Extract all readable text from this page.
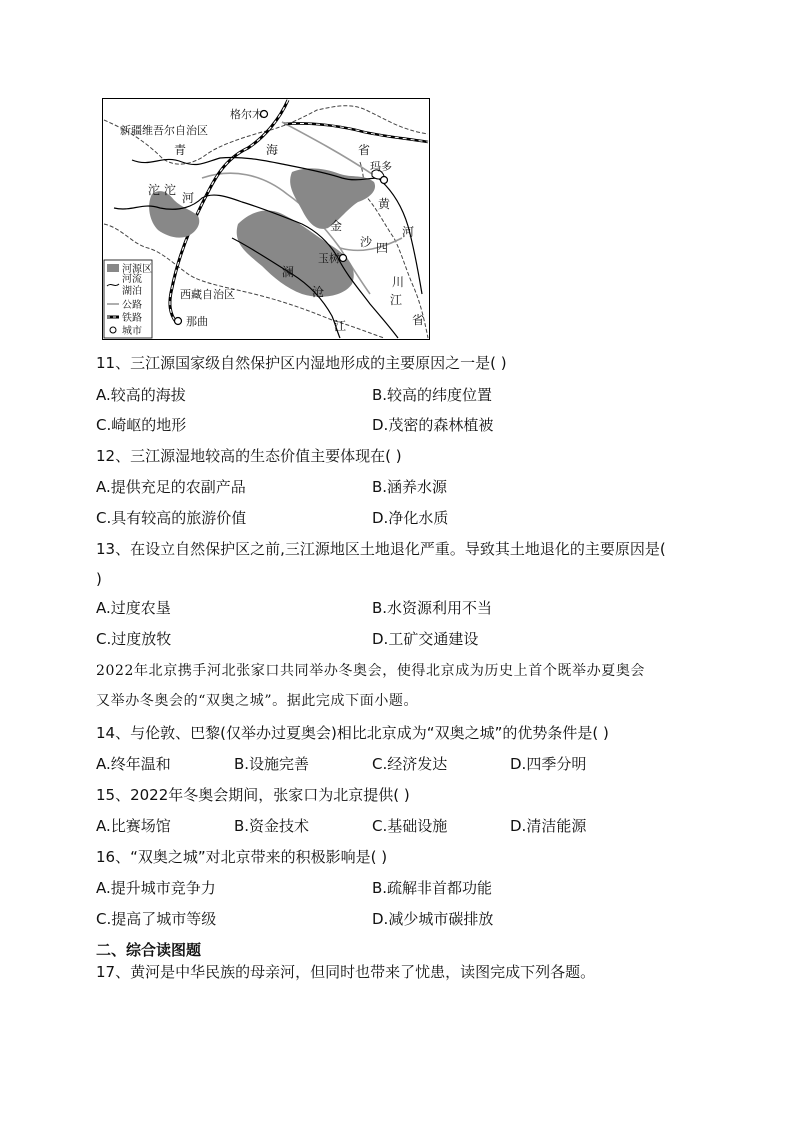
格尔木
新疆维吾尔自治区
青	海	省
玛多
黄
河
沱 沱
河
金
四
沙
川
江
省
玉树
澜
沧
江
西藏自治区
那曲
河源区
河流
湖泊
公路
铁路
城市
11、三江源国家级自然保护区内湿地形成的主要原因之一是( )
A.较高的海拔	B.较高的纬度位置
C.崎岖的地形	D.茂密的森林植被
12、三江源湿地较高的生态价值主要体现在( )
A.提供充足的农副产品	B.涵养水源
C.具有较高的旅游价值	D.净化水质
13、在设立自然保护区之前,三江源地区土地退化严重。导致其土地退化的主要原因是(
)
A.过度农垦	B.水资源利用不当
C.过度放牧	D.工矿交通建设
2022年北京携手河北张家口共同举办冬奥会，使得北京成为历史上首个既举办夏奥会
又举办冬奥会的“双奥之城”。据此完成下面小题。
14、与伦敦、巴黎(仅举办过夏奥会)相比北京成为“双奥之城”的优势条件是( )
A.终年温和	B.设施完善	C.经济发达	D.四季分明
15、2022年冬奥会期间，张家口为北京提供( )
A.比赛场馆	B.资金技术	C.基础设施	D.清洁能源
16、“双奥之城”对北京带来的积极影响是( )
A.提升城市竞争力	B.疏解非首都功能
C.提高了城市等级	D.减少城市碳排放
二、综合读图题
17、黄河是中华民族的母亲河，但同时也带来了忧患，读图完成下列各题。
